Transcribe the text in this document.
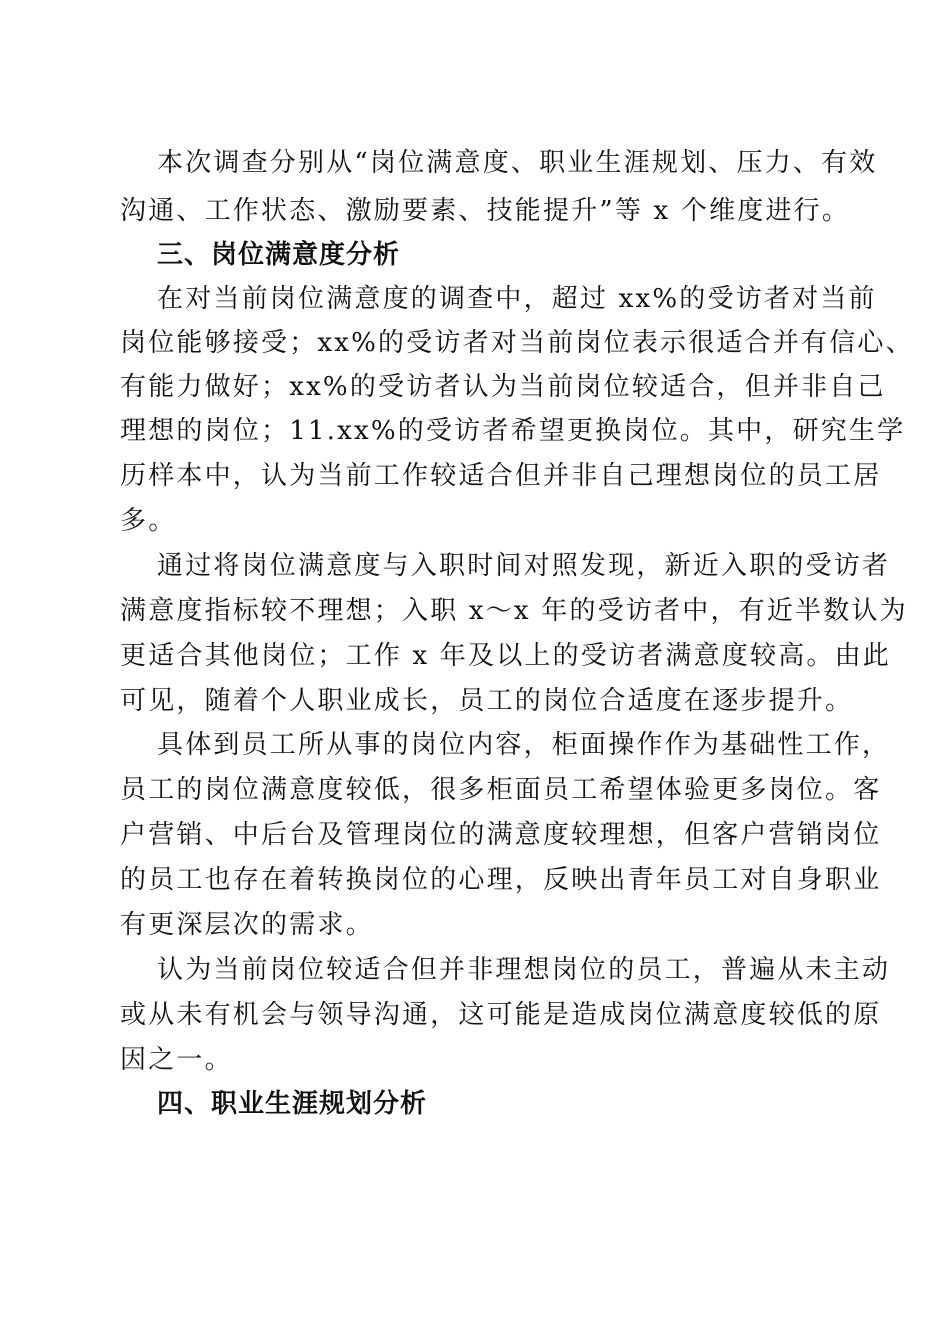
本次调查分别从“岗位满意度、职业生涯规划、压力、有效
沟通、工作状态、激励要素、技能提升”等 x 个维度进行。
三、岗位满意度分析
在对当前岗位满意度的调查中，超过 xx%的受访者对当前
岗位能够接受；xx%的受访者对当前岗位表示很适合并有信心、
有能力做好；xx%的受访者认为当前岗位较适合，但并非自己
理想的岗位；11.xx%的受访者希望更换岗位。其中，研究生学
历样本中，认为当前工作较适合但并非自己理想岗位的员工居
多。
通过将岗位满意度与入职时间对照发现，新近入职的受访者
满意度指标较不理想；入职 x～x 年的受访者中，有近半数认为
更适合其他岗位；工作 x 年及以上的受访者满意度较高。由此
可见，随着个人职业成长，员工的岗位合适度在逐步提升。
具体到员工所从事的岗位内容，柜面操作作为基础性工作，
员工的岗位满意度较低，很多柜面员工希望体验更多岗位。客
户营销、中后台及管理岗位的满意度较理想，但客户营销岗位
的员工也存在着转换岗位的心理，反映出青年员工对自身职业
有更深层次的需求。
认为当前岗位较适合但并非理想岗位的员工，普遍从未主动
或从未有机会与领导沟通，这可能是造成岗位满意度较低的原
因之一。
四、职业生涯规划分析
